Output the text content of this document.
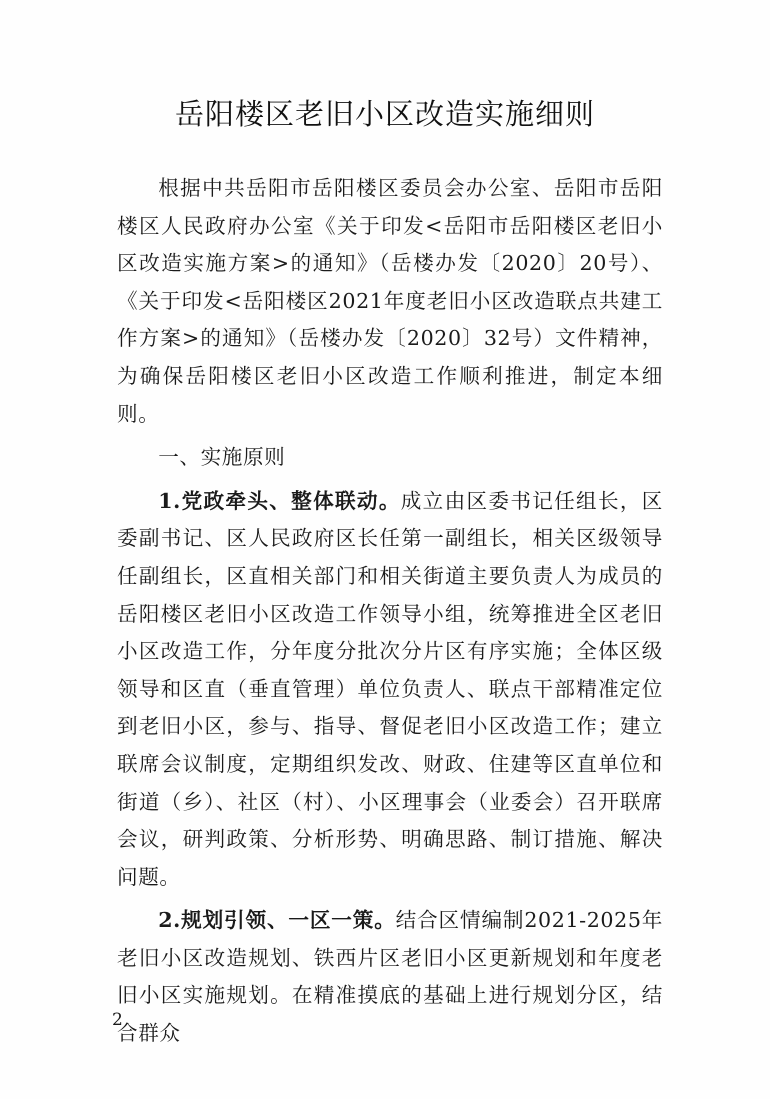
岳阳楼区老旧小区改造实施细则

根据中共岳阳市岳阳楼区委员会办公室、岳阳市岳阳楼区人民政府办公室《关于印发<岳阳市岳阳楼区老旧小区改造实施方案>的通知》（岳楼办发〔2020〕20号）、《关于印发<岳阳楼区2021年度老旧小区改造联点共建工作方案>的通知》（岳楼办发〔2020〕32号）文件精神，为确保岳阳楼区老旧小区改造工作顺利推进，制定本细则。

一、实施原则

1.党政牵头、整体联动。成立由区委书记任组长，区委副书记、区人民政府区长任第一副组长，相关区级领导任副组长，区直相关部门和相关街道主要负责人为成员的岳阳楼区老旧小区改造工作领导小组，统筹推进全区老旧小区改造工作，分年度分批次分片区有序实施；全体区级领导和区直（垂直管理）单位负责人、联点干部精准定位到老旧小区，参与、指导、督促老旧小区改造工作；建立联席会议制度，定期组织发改、财政、住建等区直单位和街道（乡）、社区（村）、小区理事会（业委会）召开联席会议，研判政策、分析形势、明确思路、制订措施、解决问题。

2.规划引领、一区一策。结合区情编制2021-2025年老旧小区改造规划、铁西片区老旧小区更新规划和年度老旧小区实施规划。在精准摸底的基础上进行规划分区，结合群众

2
